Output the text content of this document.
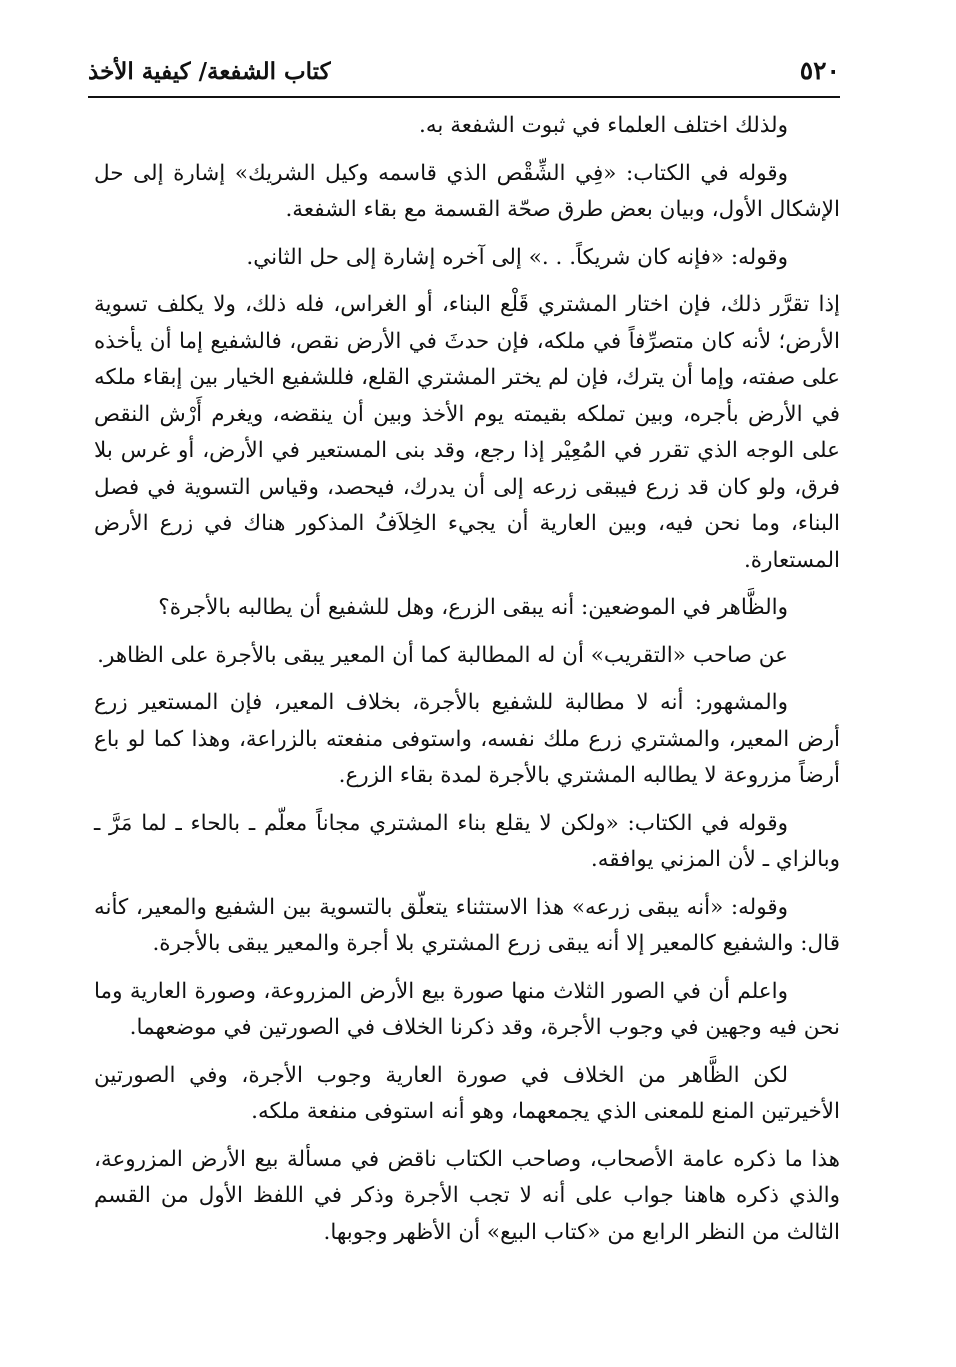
٥٢٠
كتاب الشفعة/ كيفية الأخذ

ولذلك اختلف العلماء في ثبوت الشفعة به.

وقوله في الكتاب: «فِي الشِّقْص الذي قاسمه وكيل الشريك» إشارة إلى حل الإشكال الأول، وبيان بعض طرق صحّة القسمة مع بقاء الشفعة.

وقوله: «فإنه كان شريكاً. . .» إلى آخره إشارة إلى حل الثاني.

إذا تقرَّر ذلك، فإن اختار المشتري قَلْع البناء، أو الغراس، فله ذلك، ولا يكلف تسوية الأرض؛ لأنه كان متصرِّفاً في ملكه، فإن حدثَ في الأرض نقص، فالشفيع إما أن يأخذه على صفته، وإما أن يترك، فإن لم يختر المشتري القلع، فللشفيع الخيار بين إبقاء ملكه في الأرض بأجره، وبين تملكه بقيمته يوم الأخذ وبين أن ينقضه، ويغرم أَرْش النقص على الوجه الذي تقرر في المُعِيْر إذا رجع، وقد بنى المستعير في الأرض، أو غرس بلا فرق، ولو كان قد زرع فيبقى زرعه إلى أن يدرك، فيحصد، وقياس التسوية في فصل البناء، وما نحن فيه، وبين العارية أن يجيء الخِلاَفُ المذكور هناك في زرع الأرض المستعارة.

والظَّاهر في الموضعين: أنه يبقى الزرع، وهل للشفيع أن يطالبه بالأجرة؟

عن صاحب «التقريب» أن له المطالبة كما أن المعير يبقى بالأجرة على الظاهر.

والمشهور: أنه لا مطالبة للشفيع بالأجرة، بخلاف المعير، فإن المستعير زرع أرض المعير، والمشتري زرع ملك نفسه، واستوفى منفعته بالزراعة، وهذا كما لو باع أرضاً مزروعة لا يطالبه المشتري بالأجرة لمدة بقاء الزرع.

وقوله في الكتاب: «ولكن لا يقلع بناء المشتري مجاناً معلّم ـ بالحاء ـ لما مَرَّ ـ وبالزاي ـ لأن المزني يوافقه.

وقوله: «أنه يبقى زرعه» هذا الاستثناء يتعلّق بالتسوية بين الشفيع والمعير، كأنه قال: والشفيع كالمعير إلا أنه يبقى زرع المشتري بلا أجرة والمعير يبقى بالأجرة.

واعلم أن في الصور الثلاث منها صورة بيع الأرض المزروعة، وصورة العارية وما نحن فيه وجهين في وجوب الأجرة، وقد ذكرنا الخلاف في الصورتين في موضعهما.

لكن الظَّاهر من الخلاف في صورة العارية وجوب الأجرة، وفي الصورتين الأخيرتين المنع للمعنى الذي يجمعهما، وهو أنه استوفى منفعة ملكه.

هذا ما ذكره عامة الأصحاب، وصاحب الكتاب ناقض في مسألة بيع الأرض المزروعة، والذي ذكره هاهنا جواب على أنه لا تجب الأجرة وذكر في اللفظ الأول من القسم الثالث من النظر الرابع من «كتاب البيع» أن الأظهر وجوبها.
